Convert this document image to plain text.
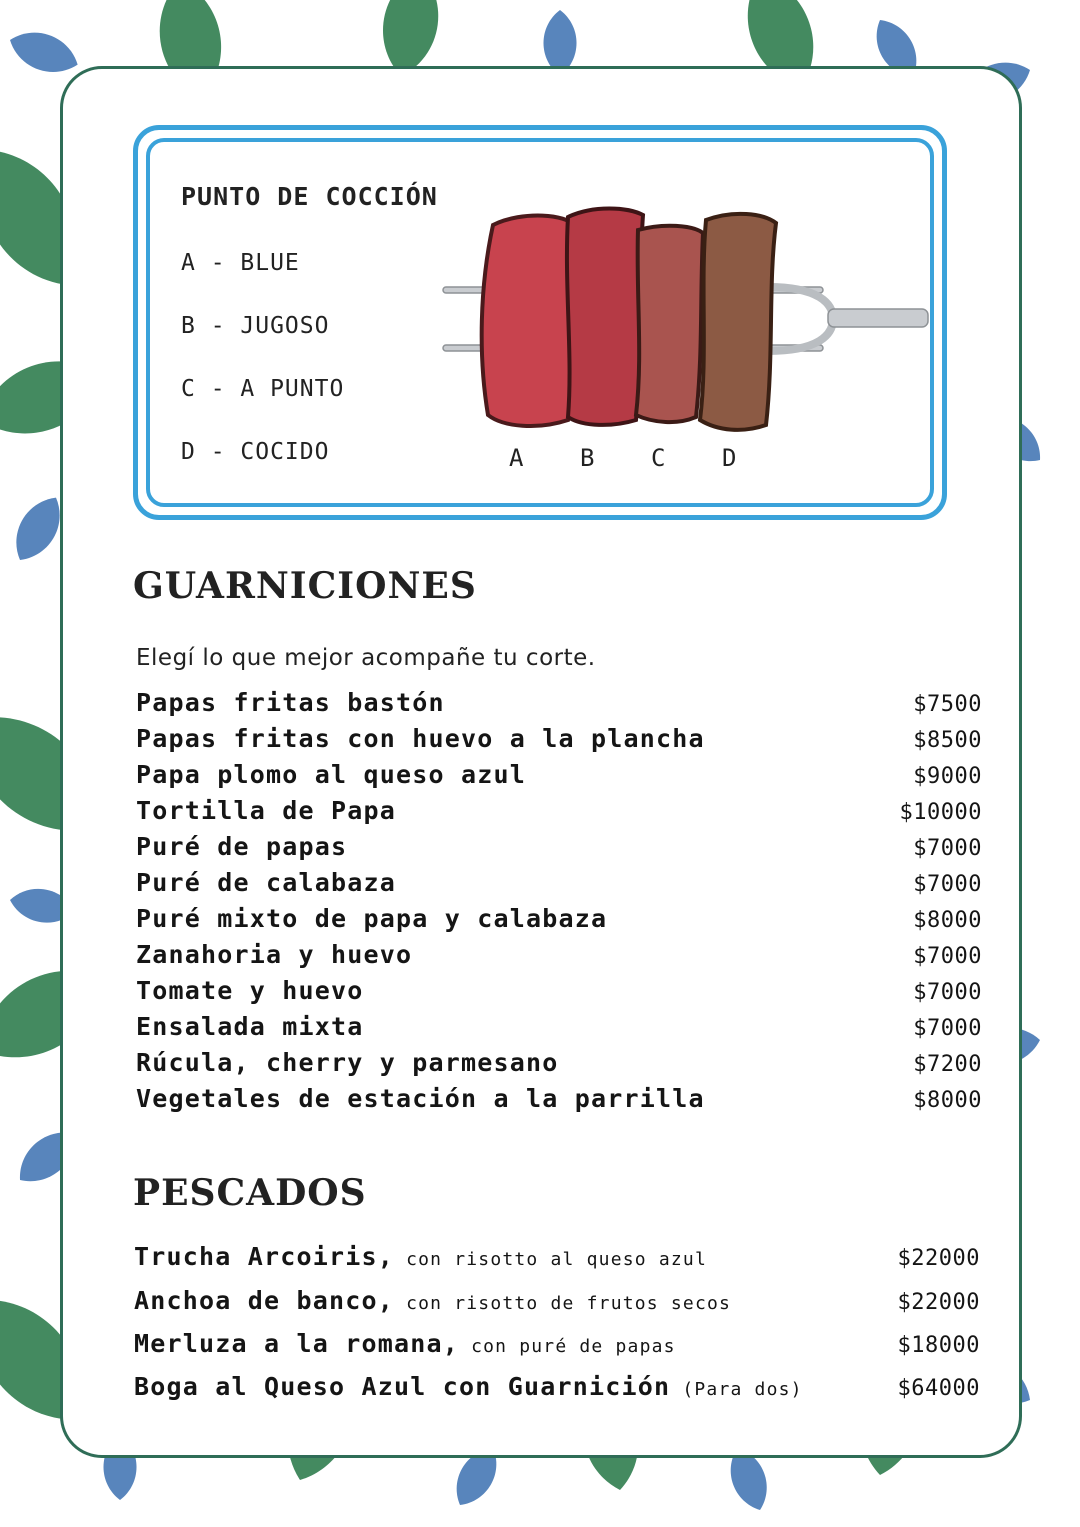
PUNTO DE COCCIÓN
A - BLUE
B - JUGOSO
C - A PUNTO
D - COCIDO	A B C D
GUARNICIONES
Elegí lo que mejor acompañe tu corte.
Papas fritas bastón	$7500
Papas fritas con huevo a la plancha	$8500
Papa plomo al queso azul	$9000
Tortilla de Papa	$10000
Puré de papas	$7000
Puré de calabaza	$7000
Puré mixto de papa y calabaza	$8000
Zanahoria y huevo	$7000
Tomate y huevo	$7000
Ensalada mixta	$7000
Rúcula, cherry y parmesano	$7200
Vegetales de estación a la parrilla	$8000
PESCADOS
Trucha Arcoiris, con risotto al queso azul	$22000
Anchoa de banco, con risotto de frutos secos	$22000
Merluza a la romana, con puré de papas	$18000
Boga al Queso Azul con Guarnición (Para dos)	$64000
